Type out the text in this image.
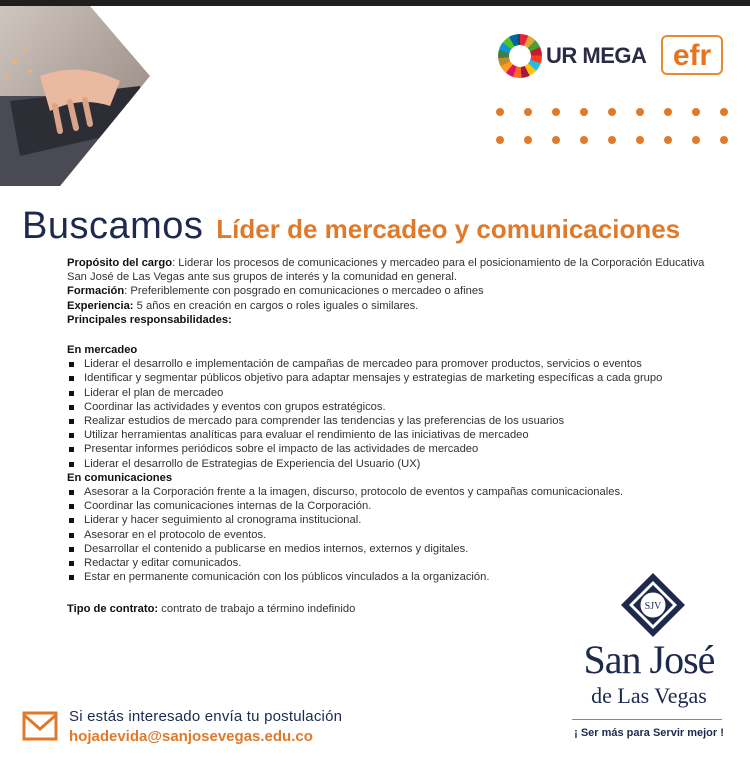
UR MEGA efr
Buscamos Líder de mercadeo y comunicaciones

Propósito del cargo: Liderar los procesos de comunicaciones y mercadeo para el posicionamiento de la Corporación Educativa San José de Las Vegas ante sus grupos de interés y la comunidad en general.

Formación: Preferiblemente con posgrado en comunicaciones o mercadeo o afines

Experiencia: 5 años en creación en cargos o roles iguales o similares.

Principales responsabilidades:

En mercadeo

Liderar el desarrollo e implementación de campañas de mercadeo para promover productos, servicios o eventos
Identificar y segmentar públicos objetivo para adaptar mensajes y estrategias de marketing específicas a cada grupo
Liderar el plan de mercadeo
Coordinar las actividades y eventos con grupos estratégicos.
Realizar estudios de mercado para comprender las tendencias y las preferencias de los usuarios
Utilizar herramientas analíticas para evaluar el rendimiento de las iniciativas de mercadeo
Presentar informes periódicos sobre el impacto de las actividades de mercadeo
Liderar el desarrollo de Estrategias de Experiencia del Usuario (UX)

En comunicaciones

Asesorar a la Corporación frente a la imagen, discurso, protocolo de eventos y campañas comunicacionales.
Coordinar las comunicaciones internas de la Corporación.
Liderar y hacer seguimiento al cronograma institucional.
Asesorar en el protocolo de eventos.
Desarrollar el contenido a publicarse en medios internos, externos y digitales.
Redactar y editar comunicados.
Estar en permanente comunicación con los públicos vinculados a la organización.

Tipo de contrato: contrato de trabajo a término indefinido

Si estás interesado envía tu postulación
hojadevida@sanjosevegas.edu.co
SJV
San José
de Las Vegas
¡ Ser más para Servir mejor !
